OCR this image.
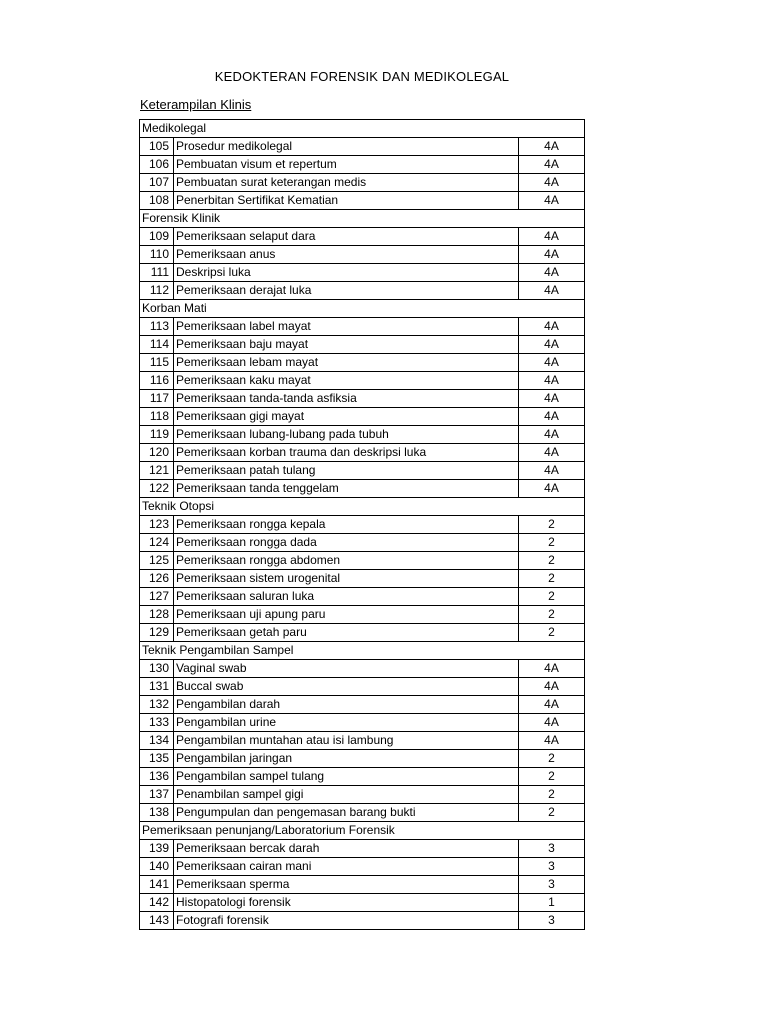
KEDOKTERAN FORENSIK DAN MEDIKOLEGAL
Keterampilan Klinis
Medikolegal		
105	Prosedur medikolegal	4A
106	Pembuatan visum et repertum	4A
107	Pembuatan surat keterangan medis	4A
108	Penerbitan Sertifikat Kematian	4A
Forensik Klinik		
109	Pemeriksaan selaput dara	4A
110	Pemeriksaan anus	4A
111	Deskripsi luka	4A
112	Pemeriksaan derajat luka	4A
Korban Mati		
113	Pemeriksaan label mayat	4A
114	Pemeriksaan baju mayat	4A
115	Pemeriksaan lebam mayat	4A
116	Pemeriksaan kaku mayat	4A
117	Pemeriksaan tanda-tanda asfiksia	4A
118	Pemeriksaan gigi mayat	4A
119	Pemeriksaan lubang-lubang pada tubuh	4A
120	Pemeriksaan korban trauma dan deskripsi luka	4A
121	Pemeriksaan patah tulang	4A
122	Pemeriksaan tanda tenggelam	4A
Teknik Otopsi		
123	Pemeriksaan rongga kepala	2
124	Pemeriksaan rongga dada	2
125	Pemeriksaan rongga abdomen	2
126	Pemeriksaan sistem urogenital	2
127	Pemeriksaan saluran luka	2
128	Pemeriksaan uji apung paru	2
129	Pemeriksaan getah paru	2
Teknik Pengambilan Sampel		
130	Vaginal swab	4A
131	Buccal swab	4A
132	Pengambilan darah	4A
133	Pengambilan urine	4A
134	Pengambilan muntahan atau isi lambung	4A
135	Pengambilan jaringan	2
136	Pengambilan sampel tulang	2
137	Penambilan sampel gigi	2
138	Pengumpulan dan pengemasan barang bukti	2
Pemeriksaan penunjang/Laboratorium Forensik		
139	Pemeriksaan bercak darah	3
140	Pemeriksaan cairan mani	3
141	Pemeriksaan sperma	3
142	Histopatologi forensik	1
143	Fotografi forensik	3
